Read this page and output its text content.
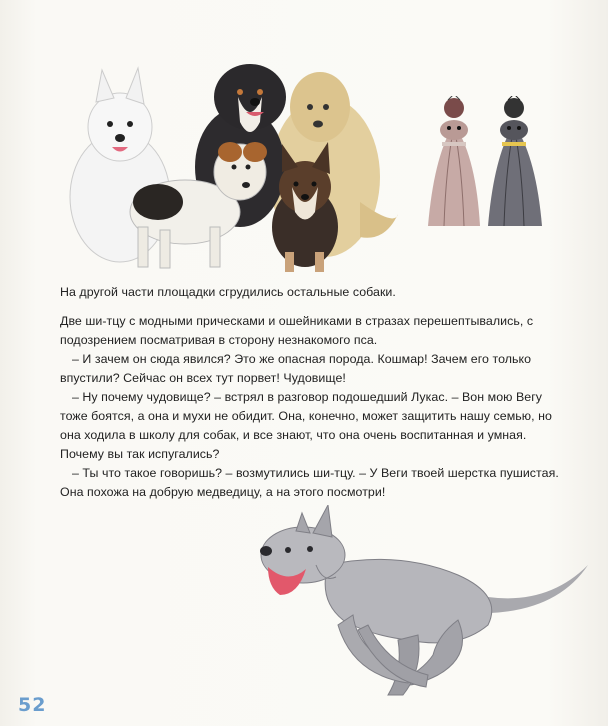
На другой части площадки сгрудились остальные собаки.

Две ши-тцу с модными прическами и ошейниками в стразах перешептывались, с подозрением посматривая в сторону незнакомого пса.

– И зачем он сюда явился? Это же опасная порода. Кошмар! Зачем его только впустили? Сейчас он всех тут порвет! Чудовище!

– Ну почему чудовище? – встрял в разговор подошедший Лукас. – Вон мою Вегу тоже боятся, а она и мухи не обидит. Она, конечно, может защитить нашу семью, но она ходила в школу для собак, и все знают, что она очень воспитанная и умная. Почему вы так испугались?

– Ты что такое говоришь? – возмутились ши-тцу. – У Веги твоей шерстка пушистая. Она похожа на добрую медведицу, а на этого посмотри!

52
